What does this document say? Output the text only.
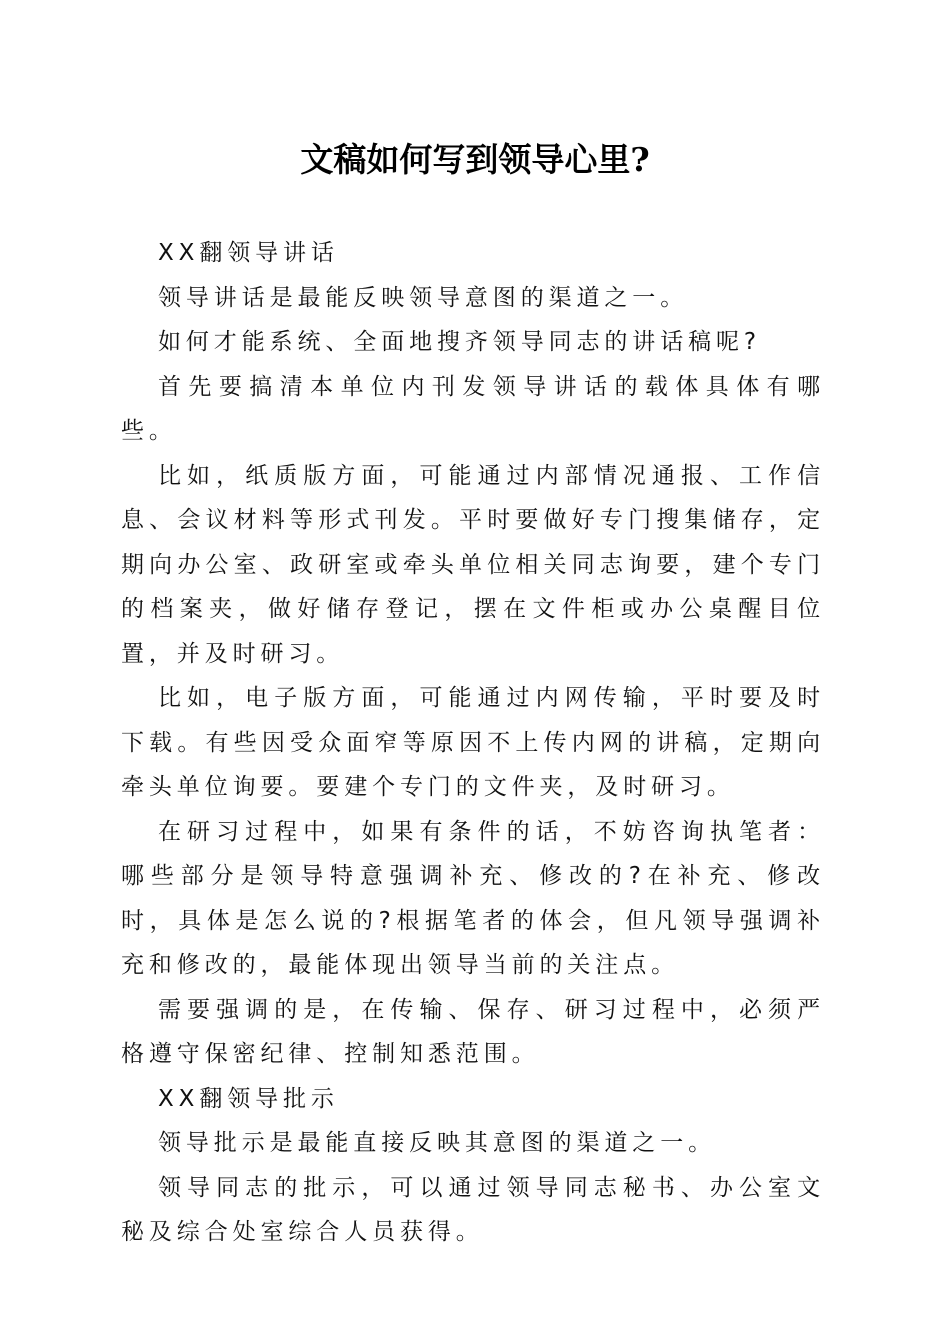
文稿如何写到领导心里?

XX翻领导讲话

领导讲话是最能反映领导意图的渠道之一。

如何才能系统、全面地搜齐领导同志的讲话稿呢?

首先要搞清本单位内刊发领导讲话的载体具体有哪些。

比如，纸质版方面，可能通过内部情况通报、工作信息、会议材料等形式刊发。平时要做好专门搜集储存，定期向办公室、政研室或牵头单位相关同志询要，建个专门的档案夹，做好储存登记，摆在文件柜或办公桌醒目位置，并及时研习。

比如，电子版方面，可能通过内网传输，平时要及时下载。有些因受众面窄等原因不上传内网的讲稿，定期向牵头单位询要。要建个专门的文件夹，及时研习。

在研习过程中，如果有条件的话，不妨咨询执笔者：哪些部分是领导特意强调补充、修改的?在补充、修改时，具体是怎么说的?根据笔者的体会，但凡领导强调补充和修改的，最能体现出领导当前的关注点。

需要强调的是，在传输、保存、研习过程中，必须严格遵守保密纪律、控制知悉范围。

XX翻领导批示

领导批示是最能直接反映其意图的渠道之一。

领导同志的批示，可以通过领导同志秘书、办公室文秘及综合处室综合人员获得。
